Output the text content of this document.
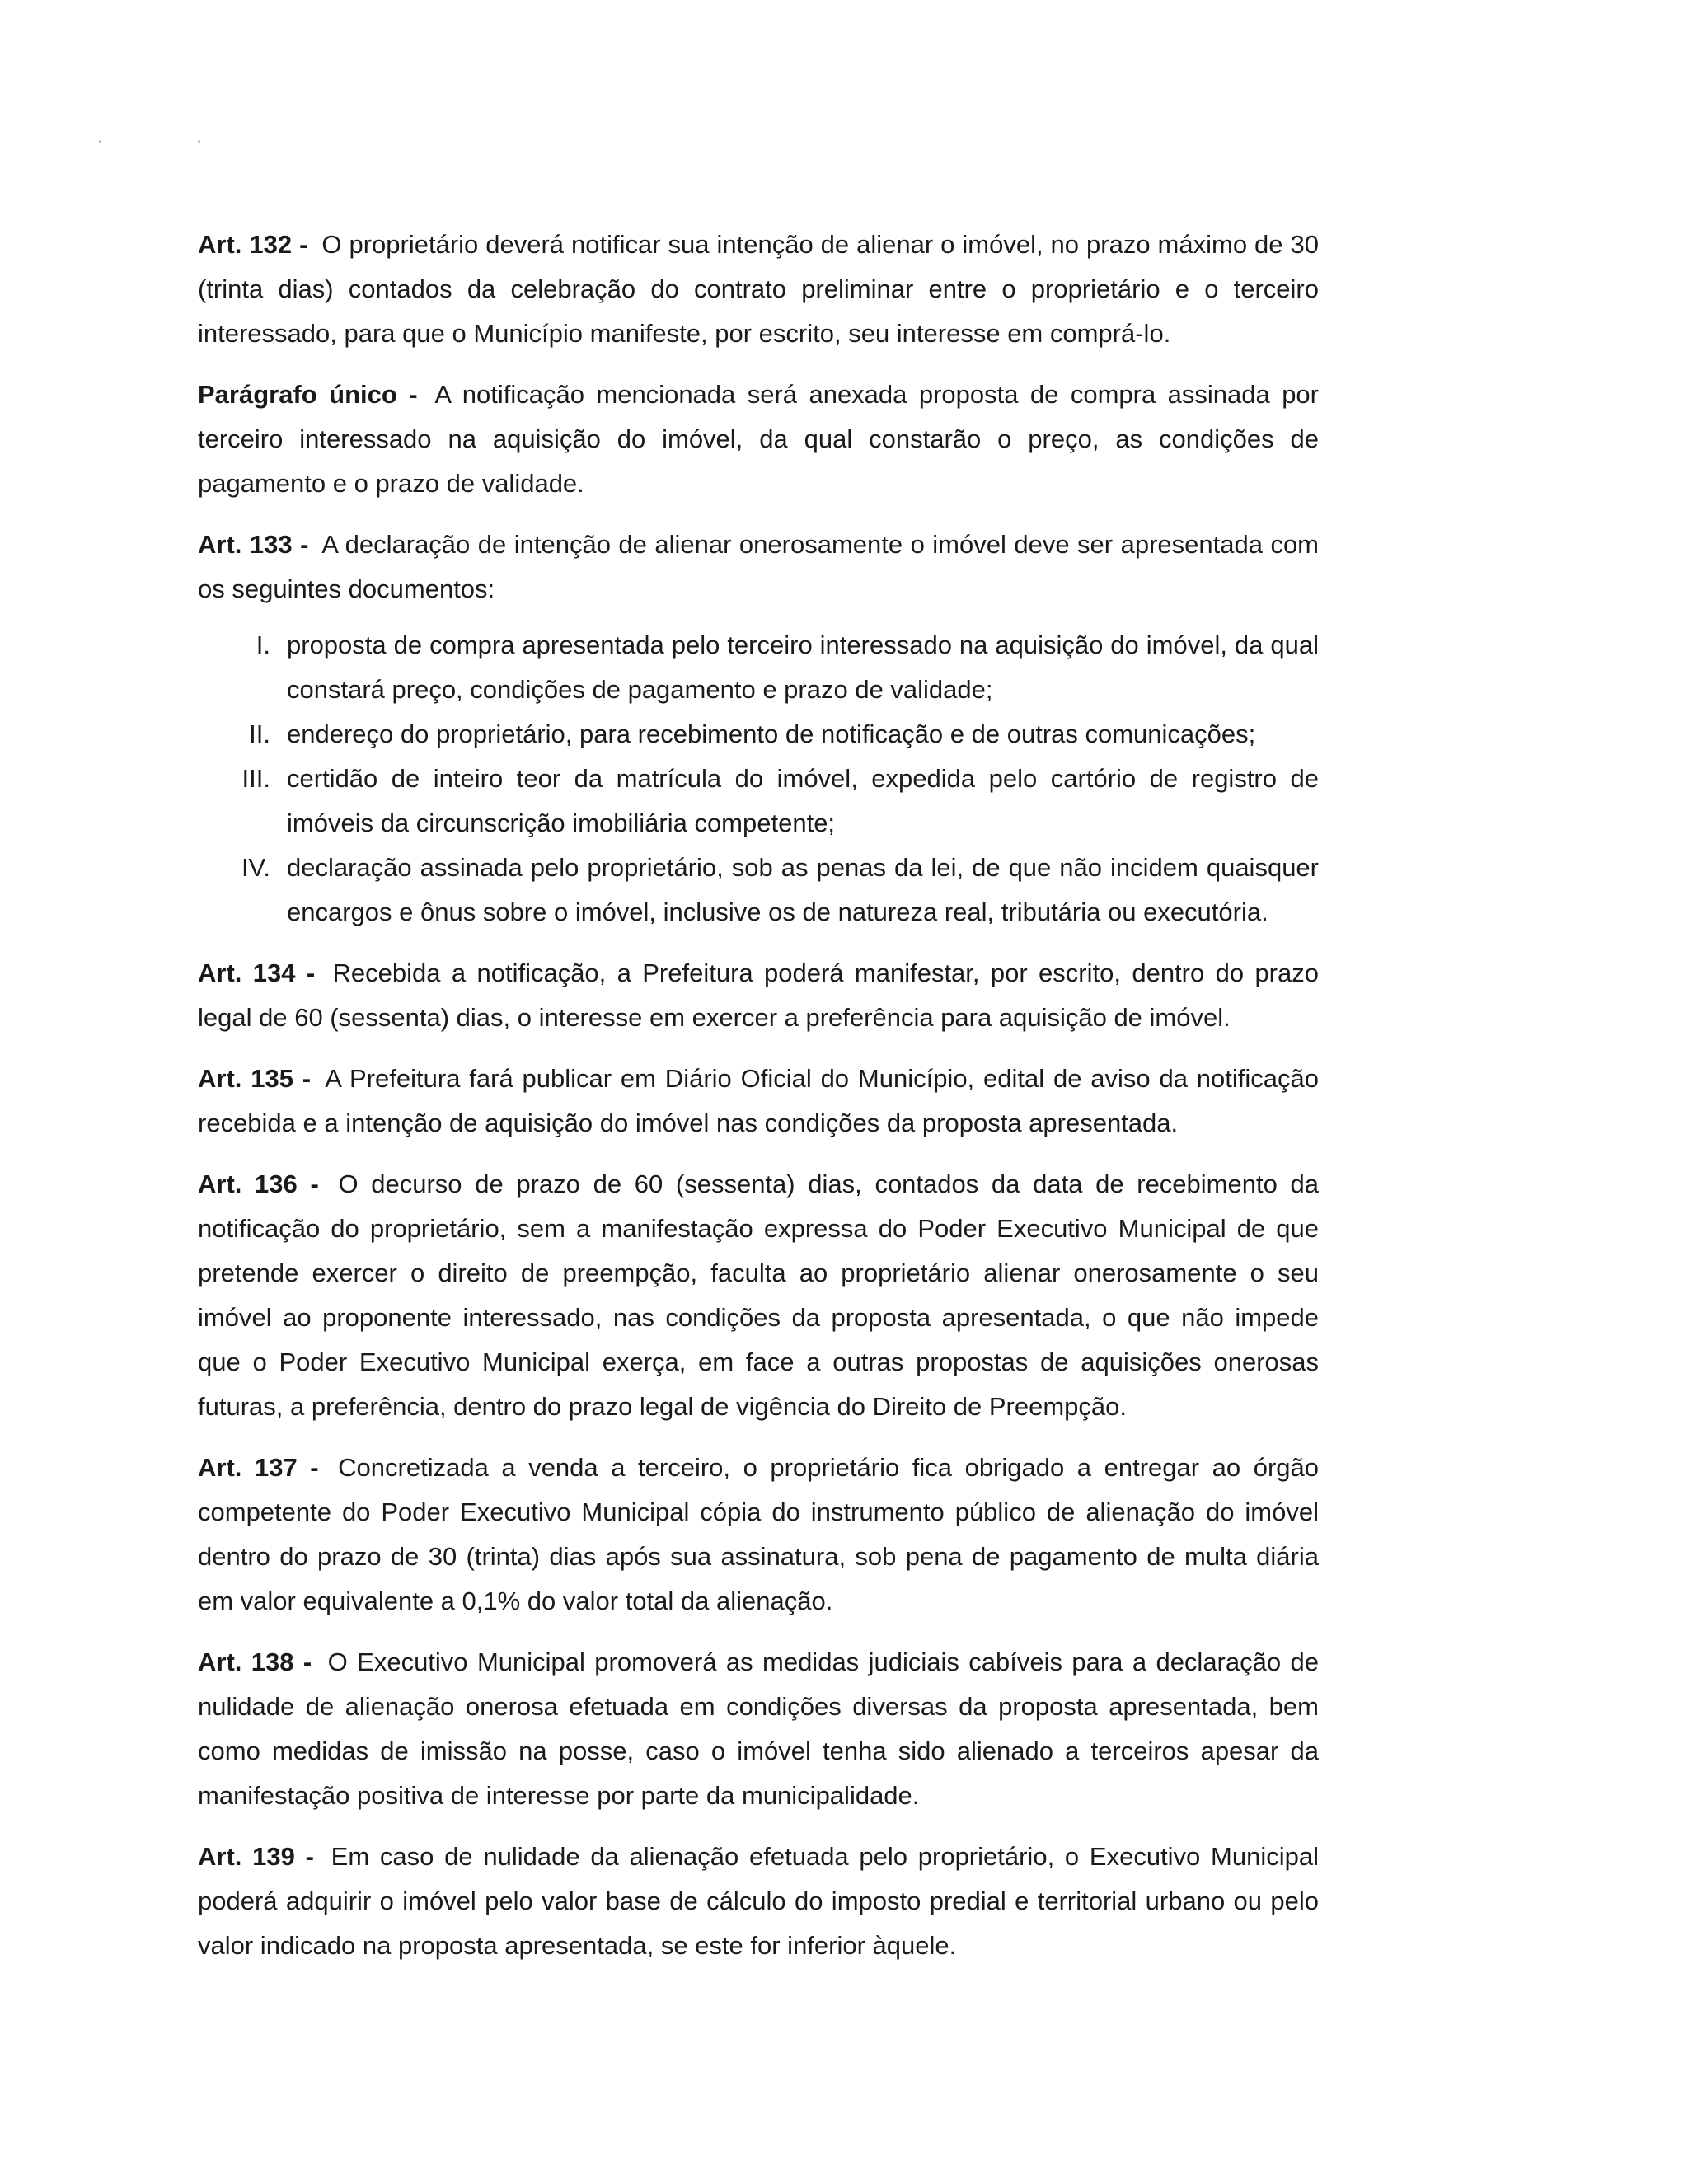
Art. 132 - O proprietário deverá notificar sua intenção de alienar o imóvel, no prazo máximo de 30 (trinta dias) contados da celebração do contrato preliminar entre o proprietário e o terceiro interessado, para que o Município manifeste, por escrito, seu interesse em comprá-lo.

Parágrafo único - A notificação mencionada será anexada proposta de compra assinada por terceiro interessado na aquisição do imóvel, da qual constarão o preço, as condições de pagamento e o prazo de validade.

Art. 133 - A declaração de intenção de alienar onerosamente o imóvel deve ser apresentada com os seguintes documentos:

I. proposta de compra apresentada pelo terceiro interessado na aquisição do imóvel, da qual constará preço, condições de pagamento e prazo de validade;
II. endereço do proprietário, para recebimento de notificação e de outras comunicações;
III. certidão de inteiro teor da matrícula do imóvel, expedida pelo cartório de registro de imóveis da circunscrição imobiliária competente;
IV. declaração assinada pelo proprietário, sob as penas da lei, de que não incidem quaisquer encargos e ônus sobre o imóvel, inclusive os de natureza real, tributária ou executória.

Art. 134 - Recebida a notificação, a Prefeitura poderá manifestar, por escrito, dentro do prazo legal de 60 (sessenta) dias, o interesse em exercer a preferência para aquisição de imóvel.

Art. 135 - A Prefeitura fará publicar em Diário Oficial do Município, edital de aviso da notificação recebida e a intenção de aquisição do imóvel nas condições da proposta apresentada.

Art. 136 - O decurso de prazo de 60 (sessenta) dias, contados da data de recebimento da notificação do proprietário, sem a manifestação expressa do Poder Executivo Municipal de que pretende exercer o direito de preempção, faculta ao proprietário alienar onerosamente o seu imóvel ao proponente interessado, nas condições da proposta apresentada, o que não impede que o Poder Executivo Municipal exerça, em face a outras propostas de aquisições onerosas futuras, a preferência, dentro do prazo legal de vigência do Direito de Preempção.

Art. 137 - Concretizada a venda a terceiro, o proprietário fica obrigado a entregar ao órgão competente do Poder Executivo Municipal cópia do instrumento público de alienação do imóvel dentro do prazo de 30 (trinta) dias após sua assinatura, sob pena de pagamento de multa diária em valor equivalente a 0,1% do valor total da alienação.

Art. 138 - O Executivo Municipal promoverá as medidas judiciais cabíveis para a declaração de nulidade de alienação onerosa efetuada em condições diversas da proposta apresentada, bem como medidas de imissão na posse, caso o imóvel tenha sido alienado a terceiros apesar da manifestação positiva de interesse por parte da municipalidade.

Art. 139 - Em caso de nulidade da alienação efetuada pelo proprietário, o Executivo Municipal poderá adquirir o imóvel pelo valor base de cálculo do imposto predial e territorial urbano ou pelo valor indicado na proposta apresentada, se este for inferior àquele.
